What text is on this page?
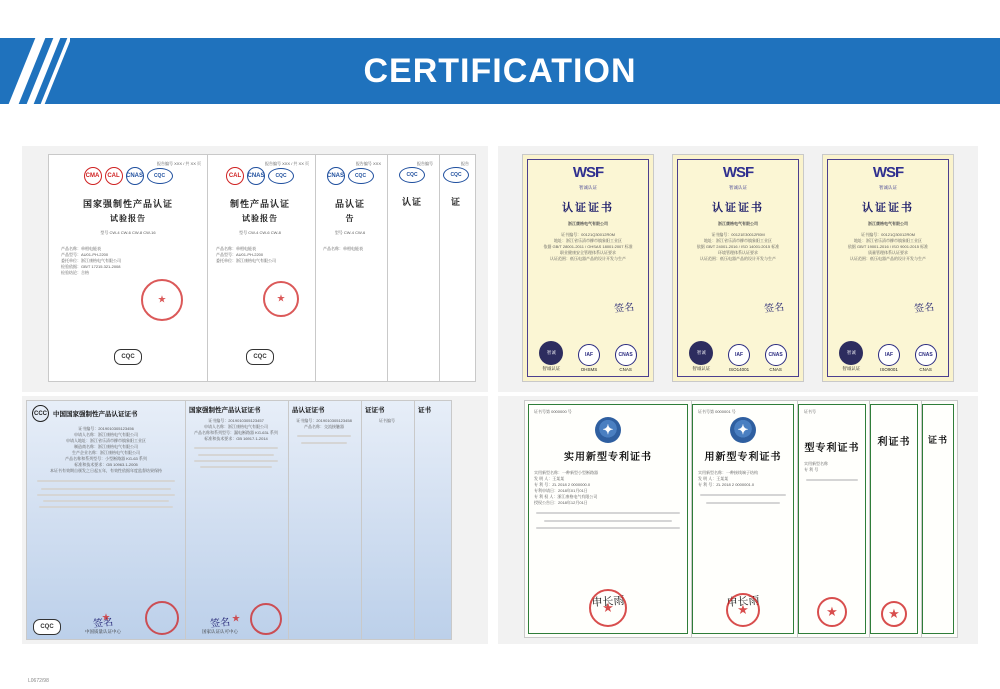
CERTIFICATION
报告编号 XXX / 共 XX 页
CMA	CAL	CNAS	CQC
国家强制性产品认证
试验报告
型号 CW-4 CW-6 CW-8 CW-16
产品名称：单相电能表
产品型号：AU01-PH-2200
委托单位：浙江康格电气有限公司
检验依据：GB/T 17215.321-2008
检验结论：合格
★
CQC
报告编号 XXX / 共 XX 页
CAL	CNAS	CQC
制性产品认证
试验报告
型号 CW-4 CW-6 CW-8
产品名称：单相电能表
产品型号：AU01-PH-2200
委托单位：浙江康格电气有限公司
★
CQC
报告编号 XXX
CNAS	CQC
品认证
告
型号 CW-4 CW-6
产品名称：单相电能表
报告编号
CQC
认证
报告
CQC
证
WSF
智诚认证
认证证书
浙江康格电气有限公司
证书编号：00121Q30012R0M
地址：浙江省乐清市柳市镇象阳工业区
依据 GB/T 28001-2011 / OHSAS 18001:2007 标准
职业健康安全管理体系认证要求
认证范围：低压电器产品的设计开发与生产
签名
智诚
智诚认证
IAF
OHSMS
CNAS
CNAS
WSF
智诚认证
认证证书
浙江康格电气有限公司
证书编号：00121E30012R0M
地址：浙江省乐清市柳市镇象阳工业区
依据 GB/T 24001-2016 / ISO 14001:2015 标准
环境管理体系认证要求
认证范围：低压电器产品的设计开发与生产
签名
智诚
智诚认证
IAF
ISO14001
CNAS
CNAS
WSF
智诚认证
认证证书
浙江康格电气有限公司
证书编号：00121Q30012R0M
地址：浙江省乐清市柳市镇象阳工业区
依据 GB/T 19001-2016 / ISO 9001:2015 标准
质量管理体系认证要求
认证范围：低压电器产品的设计开发与生产
签名
智诚
智诚认证
IAF
ISO9001
CNAS
CNAS
CCC 中国国家强制性产品认证证书
证书编号：2019010305123456
申请人名称：浙江康格电气有限公司
申请人地址：浙江省乐清市柳市镇象阳工业区
制造商名称：浙江康格电气有限公司
生产企业名称：浙江康格电气有限公司
产品名称和系列型号：小型断路器 KG-63 系列
标准和技术要求：GB 10963.1-2005
本证书有效期自颁发之日起五年，有效性依据年度监督结果保持
CQC	签名
中国质量认证中心
★
国家强制性产品认证证书
证书编号：2019010305123457
申请人名称：浙江康格电气有限公司
产品名称和系列型号：漏电断路器 KG-63L 系列
标准和技术要求：GB 16917.1-2014
签名
国家认证认可中心
★
品认证证书
证书编号：2019010305123458
产品名称：交流接触器
证证书
证书编号
证书	证书号第 0000000 号
✦
实用新型专利证书
实用新型名称：一种新型小型断路器
发 明 人：王某某
专 利 号：ZL 2018 2 0000000.0
专利申请日：2018年01月01日
专 利 权 人：浙江康格电气有限公司
授权公告日：2018年12月01日
申长雨
★
证书号第 0000001 号
✦
用新型专利证书
实用新型名称：一种接线端子结构
发 明 人：王某某
专 利 号：ZL 2018 2 0000001.0
申长雨
★
证书号
型专利证书
实用新型名称
专 利 号
★
利证书
★ 证书
L0672/98
